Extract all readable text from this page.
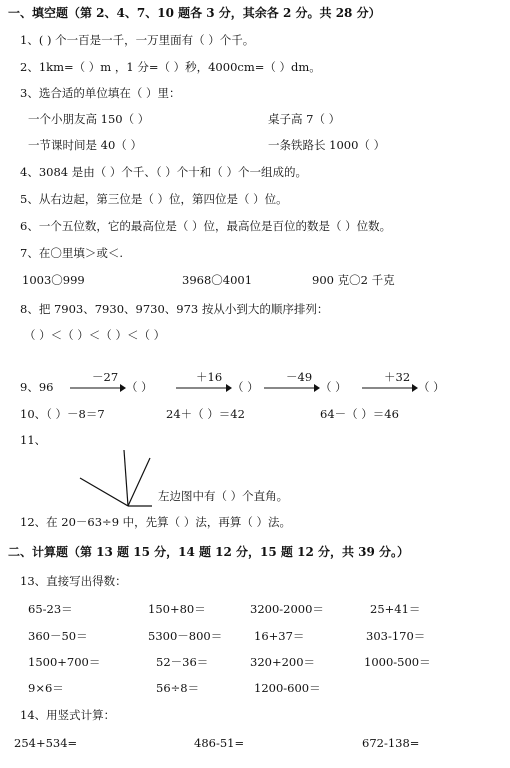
一、填空题（第 2、4、7、10 题各 3 分，其余各 2 分。共 28 分）
1、( ) 个一百是一千，一万里面有（ ）个千。
2、1km=（ ）m ，1 分=（ ）秒，4000cm=（ ）dm。
3、选合适的单位填在（ ）里：
一个小朋友高 150（ ）	桌子高 7（ ）
一节课时间是 40（ ）	一条铁路长 1000（ ）
4、3084 是由（ ）个千、（ ）个十和（ ）个一组成的。
5、从右边起，第三位是（ ）位，第四位是（ ）位。
6、一个五位数，它的最高位是（ ）位，最高位是百位的数是（ ）位数。
7、在〇里填＞或＜.
1003〇999	3968〇4001	900 克〇2 千克
8、把 7903、7930、9730、973 按从小到大的顺序排列：
（ ）＜（ ）＜（ ）＜（ ）
9、96
－27
（ ）
＋16
（ ）
－49
（ ）
＋32
（ ）
10、（ ）－8＝7	24＋（ ）＝42	64－（ ）＝46
11、
左边图中有（ ）个直角。
12、在 20－63÷9 中，先算（ ）法，再算（ ）法。
二、计算题（第 13 题 15 分，14 题 12 分，15 题 12 分，共 39 分。）
13、直接写出得数：
65-23＝	150+80＝	3200-2000＝	25+41＝
360－50＝	5300－800＝	16+37＝	303-170＝
1500+700＝	52－36＝	320+200＝	1000-500＝
9×6＝	56÷8＝	1200-600＝
14、用竖式计算：
254+534=	486-51=	672-138=
